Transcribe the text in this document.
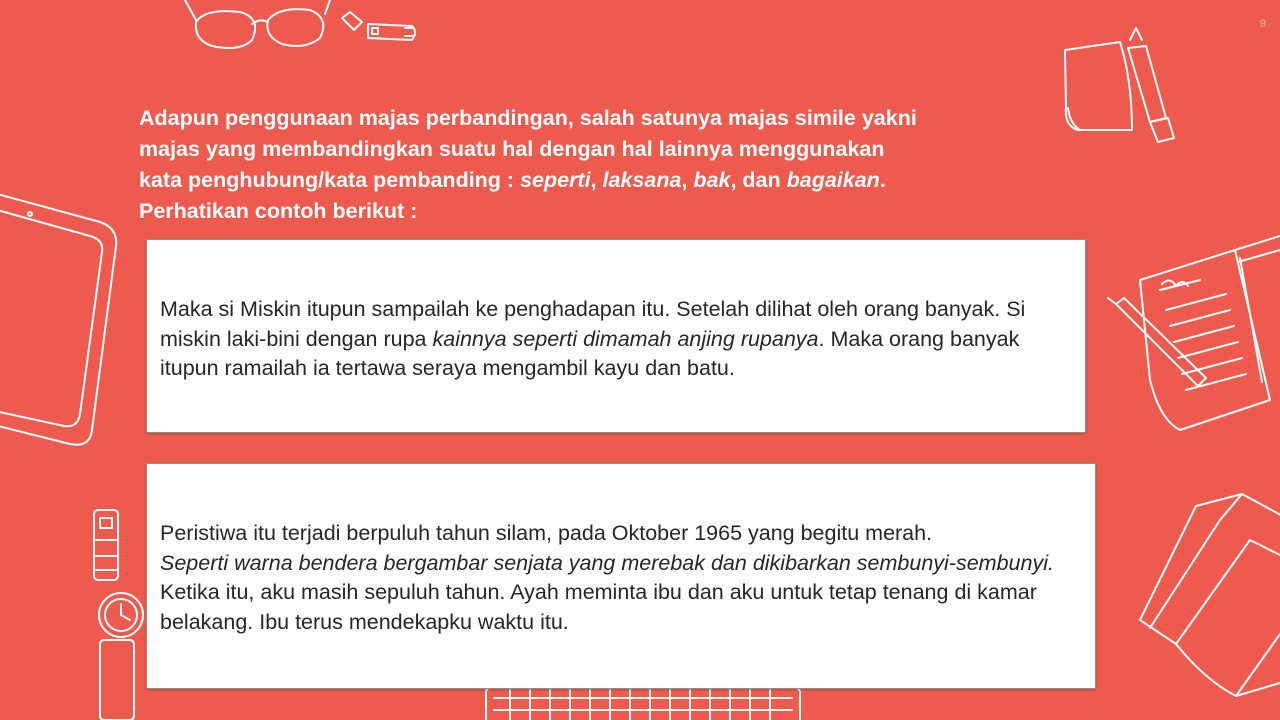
9

Adapun penggunaan majas perbandingan, salah satunya majas simile yakni

majas yang membandingkan suatu hal dengan hal lainnya menggunakan

kata penghubung/kata pembanding : seperti, laksana, bak, dan bagaikan.

Perhatikan contoh berikut :

Maka si Miskin itupun sampailah ke penghadapan itu. Setelah dilihat oleh orang banyak. Si miskin laki-bini dengan rupa kainnya seperti dimamah anjing rupanya. Maka orang banyak itupun ramailah ia tertawa seraya mengambil kayu dan batu.

Peristiwa itu terjadi berpuluh tahun silam, pada Oktober 1965 yang begitu merah.
Seperti warna bendera bergambar senjata yang merebak dan dikibarkan sembunyi-sembunyi. Ketika itu, aku masih sepuluh tahun. Ayah meminta ibu dan aku untuk tetap tenang di kamar belakang. Ibu terus mendekapku waktu itu.
